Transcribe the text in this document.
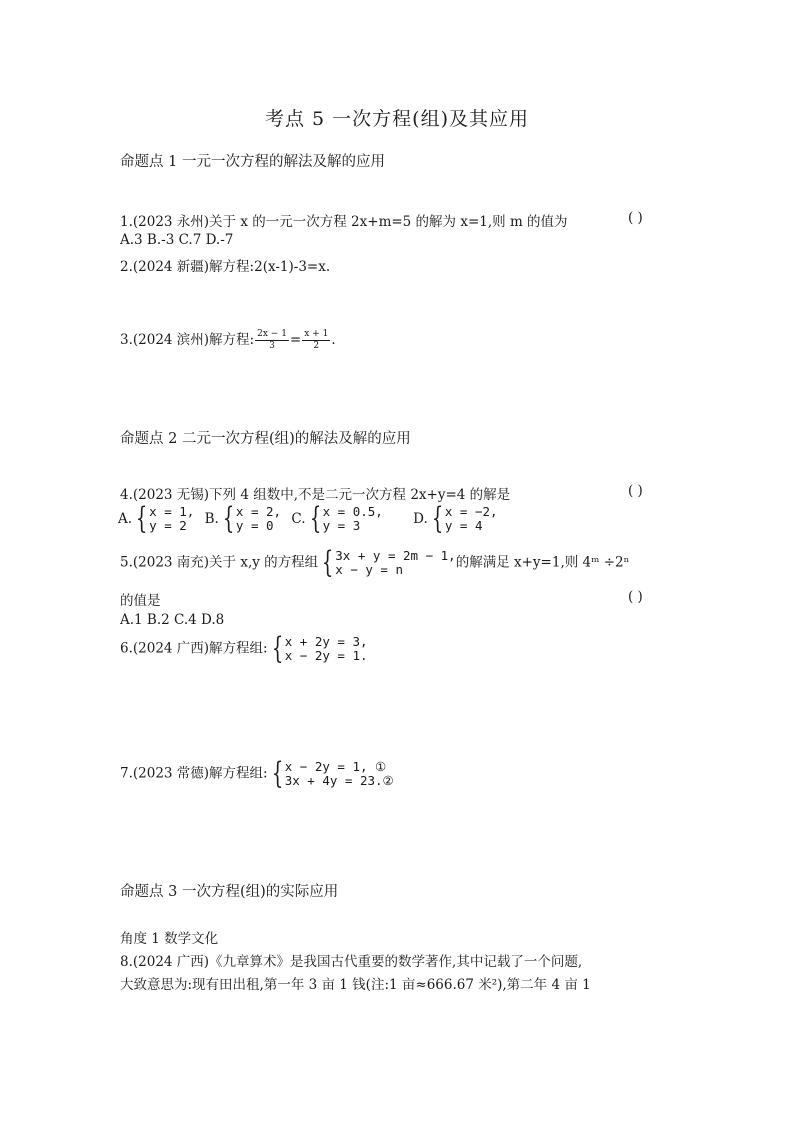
考点 5 一次方程(组)及其应用
命题点 1 一元一次方程的解法及解的应用
1.(2023 永州)关于 x 的一元一次方程 2x+m=5 的解为 x=1,则 m 的值为	( )
A.3 B.-3 C.7 D.-7
2.(2024 新疆)解方程:2(x-1)-3=x.
3.(2024 滨州)解方程: $\frac{2x - 1}{3} = \frac{x + 1}{2}$ .
命题点 2 二元一次方程(组)的解法及解的应用
4.(2023 无锡)下列 4 组数中,不是二元一次方程 2x+y=4 的解是	( )
A. { x = 1,
y = 2	B. { x = 2,
y = 0	C. { x = 0.5,
y = 3	D. { x = −2,
y = 4
5.(2023 南充)关于 x,y 的方程组 { 3x + y = 2m − 1,
x − y = n	的解满足 x+y=1,则 4ᵐ ÷2ⁿ
的值是	( )
A.1 B.2 C.4 D.8
6.(2024 广西)解方程组: { x + 2y = 3,
x − 2y = 1.
7.(2023 常德)解方程组: { x − 2y = 1, ①
3x + 4y = 23.②
命题点 3 一次方程(组)的实际应用
角度 1 数学文化
8.(2024 广西)《九章算术》是我国古代重要的数学著作,其中记载了一个问题,
大致意思为:现有田出租,第一年 3 亩 1 钱(注:1 亩≈666.67 米²),第二年 4 亩 1
